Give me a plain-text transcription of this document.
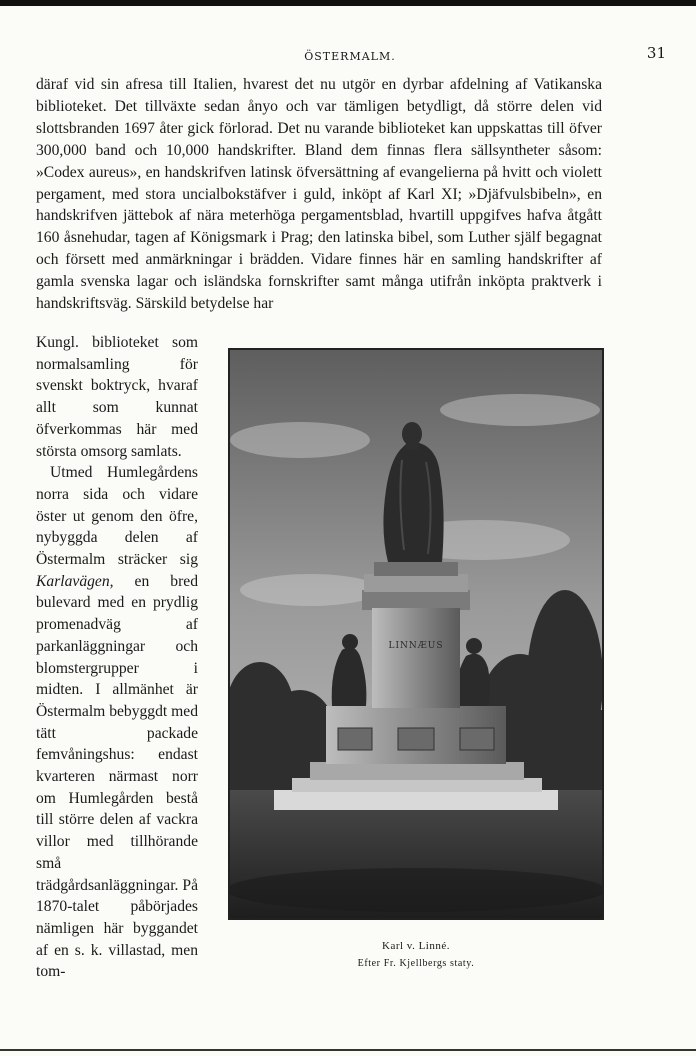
ÖSTERMALM.	31

däraf vid sin afresa till Italien, hvarest det nu utgör en dyrbar afdelning af Vatikanska biblioteket. Det tillväxte sedan ånyo och var tämligen betydligt, då större delen vid slottsbranden 1697 åter gick förlorad. Det nu varande biblioteket kan uppskattas till öfver 300,000 band och 10,000 handskrifter. Bland dem finnas flera sällsyntheter såsom: »Codex aureus», en handskrifven latinsk öfversättning af evangelierna på hvitt och violett pergament, med stora uncialbokstäfver i guld, inköpt af Karl XI; »Djäfvulsbibeln», en handskrifven jättebok af nära meterhöga pergamentsblad, hvartill uppgifves hafva åtgått 160 åsnehudar, tagen af Königsmark i Prag; den latinska bibel, som Luther själf begagnat och försett med anmärkningar i brädden. Vidare finnes här en samling handskrifter af gamla svenska lagar och isländska fornskrifter samt många utifrån inköpta praktverk i handskriftsväg. Särskild betydelse har

Kungl. biblioteket som normalsamling för svenskt boktryck, hvaraf allt som kunnat öfverkommas här med största omsorg samlats.

Utmed Humlegårdens norra sida och vidare öster ut genom den öfre, nybyggda delen af Östermalm sträcker sig Karlavägen, en bred bulevard med en prydlig promenadväg af parkanläggningar och blomstergrupper i midten. I allmänhet är Östermalm bebyggdt med tätt packade femvåningshus: endast kvarteren närmast norr om Humlegården bestå till större delen af vackra villor med tillhörande små trädgårdsanläggningar. På 1870-talet påbörjades nämligen här byggandet af en s. k. villastad, men tom-

LINNÆUS
Karl v. Linné.
Efter Fr. Kjellbergs staty.
